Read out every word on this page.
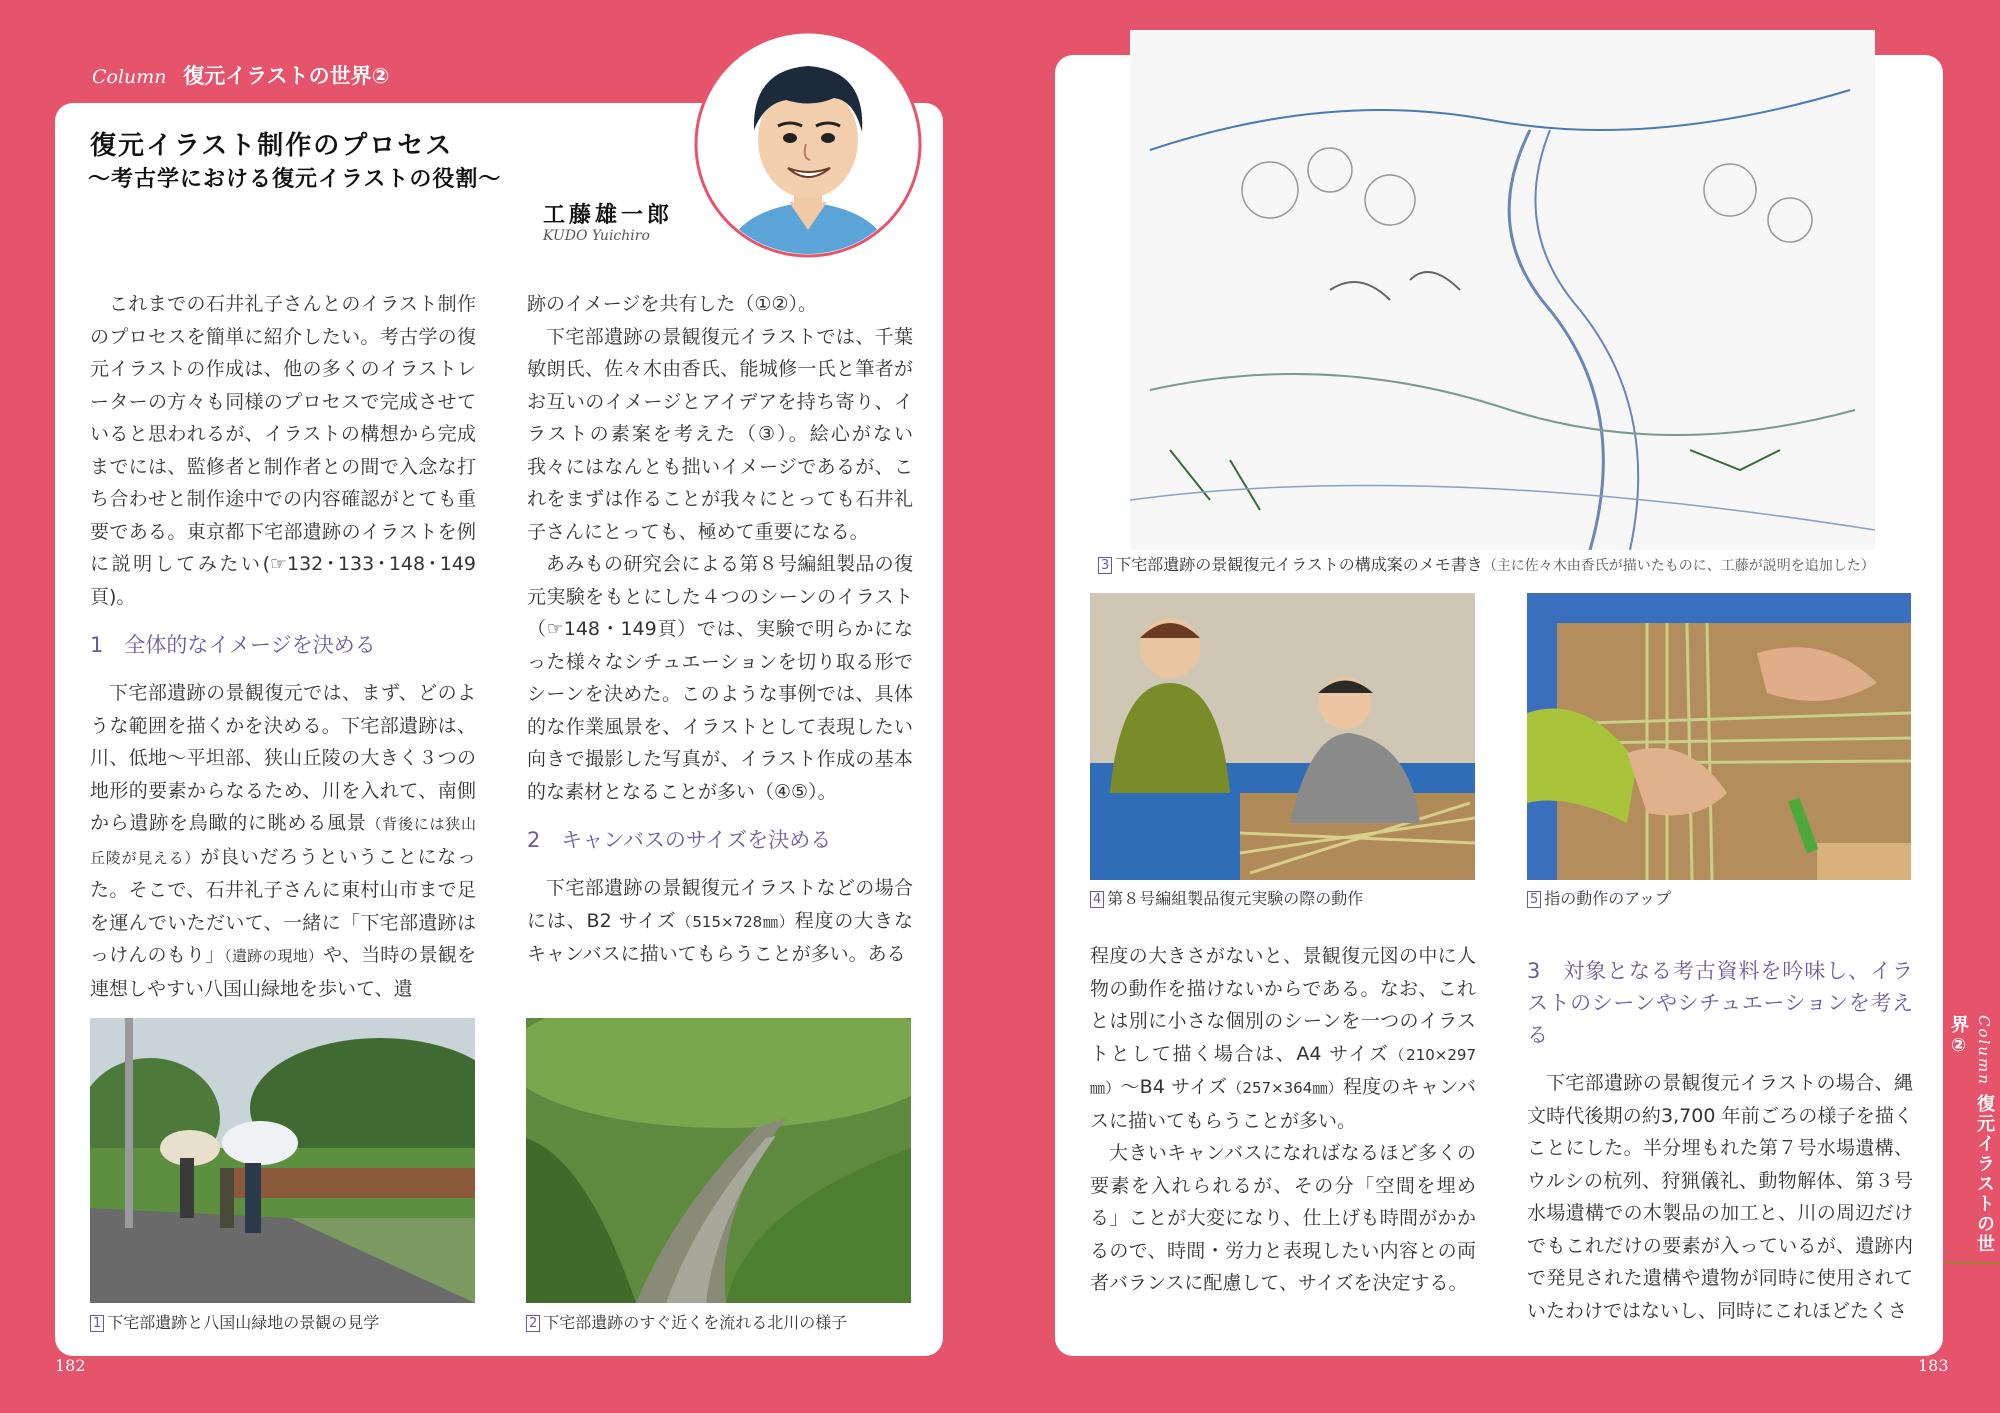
Column 復元イラストの世界②
復元イラスト制作のプロセス
〜考古学における復元イラストの役割〜
工藤雄一郎
KUDO Yuichiro

これまでの石井礼子さんとのイラスト制作のプロセスを簡単に紹介したい。考古学の復元イラストの作成は、他の多くのイラストレーターの方々も同様のプロセスで完成させていると思われるが、イラストの構想から完成までには、監修者と制作者との間で入念な打ち合わせと制作途中での内容確認がとても重要である。東京都下宅部遺跡のイラストを例に説明してみたい(☞132･133･148･149頁)。

1　全体的なイメージを決める

下宅部遺跡の景観復元では、まず、どのような範囲を描くかを決める。下宅部遺跡は、川、低地〜平坦部、狭山丘陵の大きく３つの地形的要素からなるため、川を入れて、南側から遺跡を鳥瞰的に眺める風景（背後には狭山丘陵が見える）が良いだろうということになった。そこで、石井礼子さんに東村山市まで足を運んでいただいて、一緒に「下宅部遺跡はっけんのもり」（遺跡の現地）や、当時の景観を連想しやすい八国山緑地を歩いて、遺

跡のイメージを共有した（①②）。

下宅部遺跡の景観復元イラストでは、千葉敏朗氏、佐々木由香氏、能城修一氏と筆者がお互いのイメージとアイデアを持ち寄り、イラストの素案を考えた（③）。絵心がない我々にはなんとも拙いイメージであるが、これをまずは作ることが我々にとっても石井礼子さんにとっても、極めて重要になる。

あみもの研究会による第８号編組製品の復元実験をもとにした４つのシーンのイラスト（☞148・149頁）では、実験で明らかになった様々なシチュエーションを切り取る形でシーンを決めた。このような事例では、具体的な作業風景を、イラストとして表現したい向きで撮影した写真が、イラスト作成の基本的な素材となることが多い（④⑤）。

2　キャンバスのサイズを決める

下宅部遺跡の景観復元イラストなどの場合には、B2 サイズ（515×728㎜）程度の大きなキャンバスに描いてもらうことが多い。ある	程度の大きさがないと、景観復元図の中に人物の動作を描けないからである。なお、これとは別に小さな個別のシーンを一つのイラストとして描く場合は、A4 サイズ（210×297㎜）〜B4 サイズ（257×364㎜）程度のキャンバスに描いてもらうことが多い。

大きいキャンバスになればなるほど多くの要素を入れられるが、その分「空間を埋める」ことが大変になり、仕上げも時間がかかるので、時間・労力と表現したい内容との両者バランスに配慮して、サイズを決定する。

3　対象となる考古資料を吟味し、イラストのシーンやシチュエーションを考える

下宅部遺跡の景観復元イラストの場合、縄文時代後期の約3,700 年前ごろの様子を描くことにした。半分埋もれた第７号水場遺構、ウルシの杭列、狩猟儀礼、動物解体、第３号水場遺構での木製品の加工と、川の周辺だけでもこれだけの要素が入っているが、遺跡内で発見された遺構や遺物が同時に使用されていたわけではないし、同時にこれほどたくさ

1 下宅部遺跡と八国山緑地の景観の見学	2 下宅部遺跡のすぐ近くを流れる北川の様子
3 下宅部遺跡の景観復元イラストの構成案のメモ書き（主に佐々木由香氏が描いたものに、工藤が説明を追加した）
4 第８号編組製品復元実験の際の動作	5 指の動作のアップ
182	183
Column 復元イラストの世界②
